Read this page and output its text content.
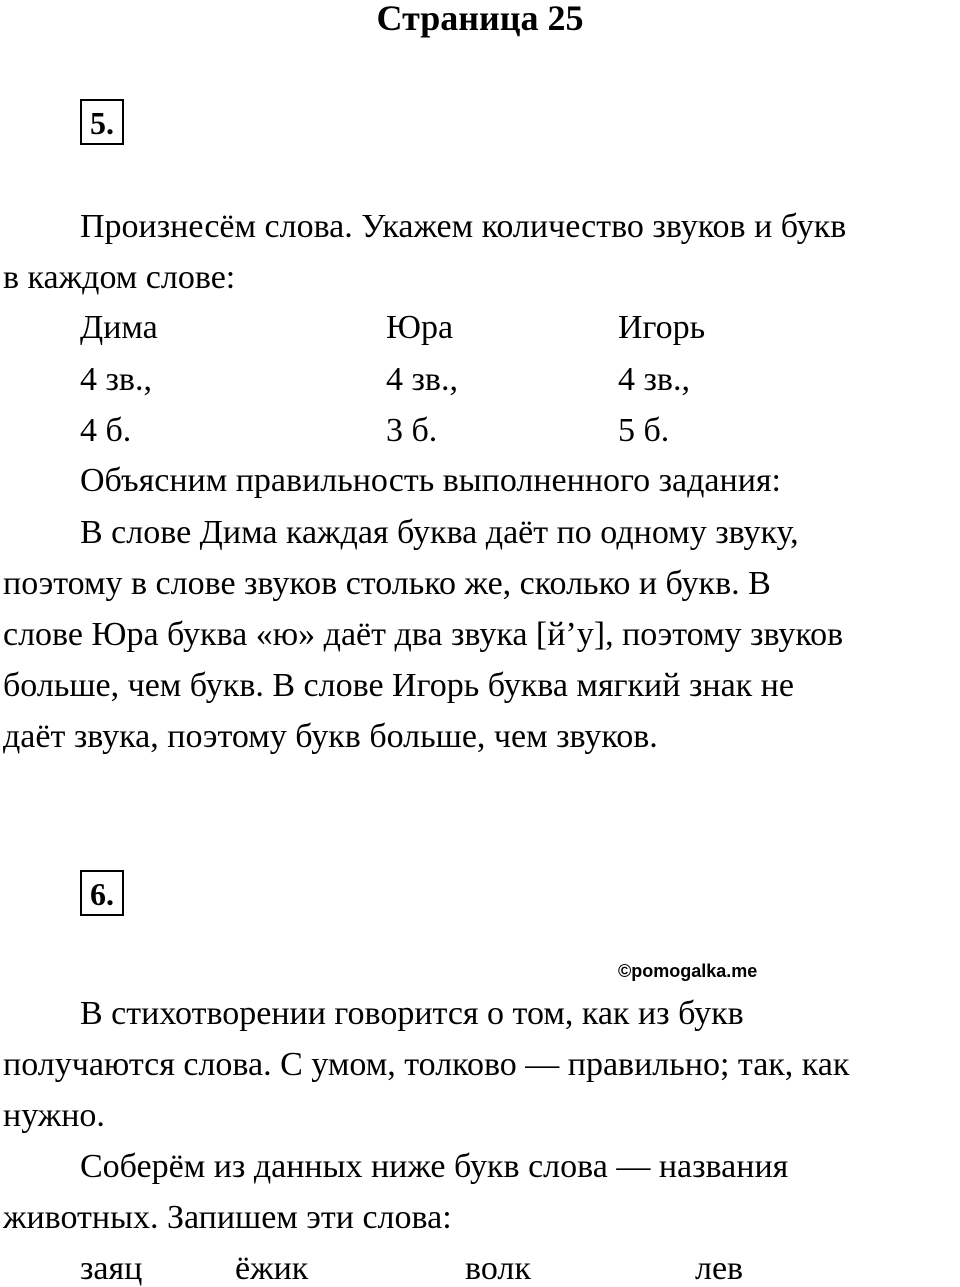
Страница 25
5.
Произнесём слова. Укажем количество звуков и букв
в каждом слове:
Дима	Юра	Игорь
4 зв.,	4 зв.,	4 зв.,
4 б.	3 б.	5 б.
Объясним правильность выполненного задания:
В слове Дима каждая буква даёт по одному звуку,
поэтому в слове звуков столько же, сколько и букв. В
слове Юра буква «ю» даёт два звука [й’у], поэтому звуков
больше, чем букв. В слове Игорь буква мягкий знак не
даёт звука, поэтому букв больше, чем звуков.
6.
©pomogalka.me
В стихотворении говорится о том, как из букв
получаются слова. С умом, толково — правильно; так, как
нужно.
Соберём из данных ниже букв слова — названия
животных. Запишем эти слова:
заяц	ёжик	волк	лев
